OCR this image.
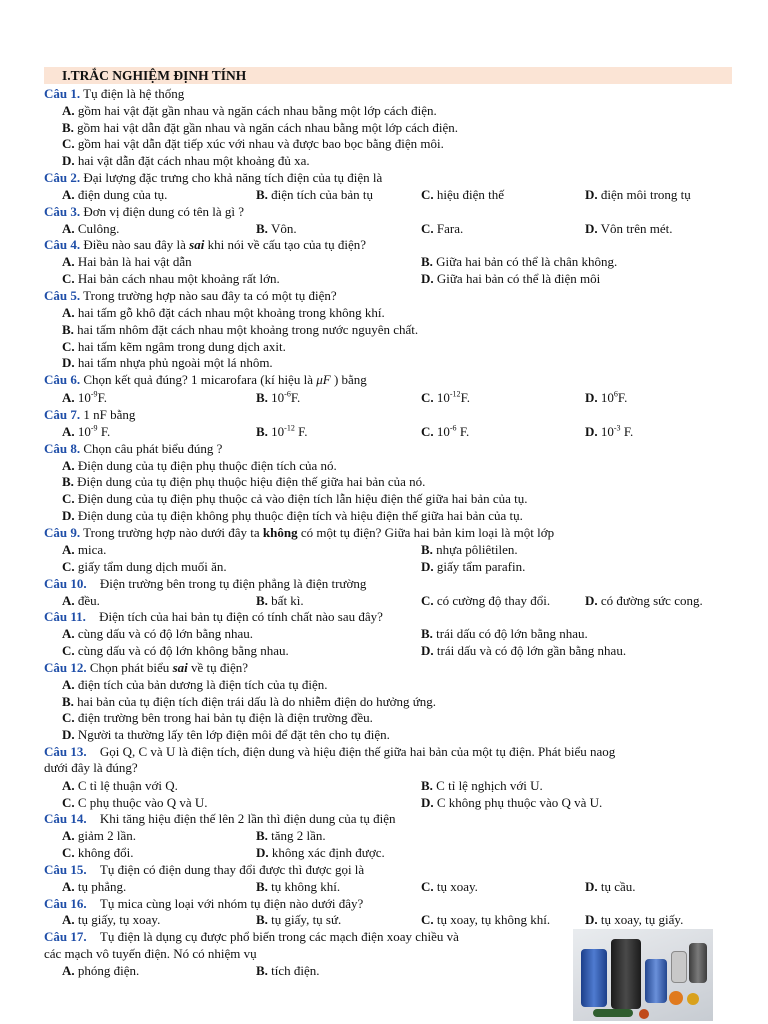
I.TRẮC NGHIỆM ĐỊNH TÍNH
Câu 1. Tụ điện là hệ thống
A. gồm hai vật đặt gần nhau và ngăn cách nhau bằng một lớp cách điện.
B. gồm hai vật dẫn đặt gần nhau và ngăn cách nhau bằng một lớp cách điện.
C. gồm hai vật dẫn đặt tiếp xúc với nhau và được bao bọc bằng điện môi.
D. hai vật dẫn đặt cách nhau một khoảng đủ xa.
Câu 2. Đại lượng đặc trưng cho khả năng tích điện của tụ điện là
A. điện dung của tụ.	B. điện tích của bản tụ	C. hiệu điện thế	D. điện môi trong tụ
Câu 3. Đơn vị điện dung có tên là gì ?
A. Culông.	B. Vôn.	C. Fara.	D. Vôn trên mét.
Câu 4. Điều nào sau đây là sai khi nói về cấu tạo của tụ điện?
A. Hai bản là hai vật dẫn	B. Giữa hai bản có thể là chân không.
C. Hai bản cách nhau một khoảng rất lớn.	D. Giữa hai bản có thể là điện môi
Câu 5. Trong trường hợp nào sau đây ta có một tụ điện?
A. hai tấm gỗ khô đặt cách nhau một khoảng trong không khí.
B. hai tấm nhôm đặt cách nhau một khoảng trong nước nguyên chất.
C. hai tấm kẽm ngâm trong dung dịch axit.
D. hai tấm nhựa phủ ngoài một lá nhôm.
Câu 6. Chọn kết quả đúng? 1 micarofara (kí hiệu là μF ) bằng
A. $10^{-9}F$.	B. $10^{-6}F$.	C. $10^{-12}F$.	D. $10^6F$.
Câu 7. 1 nF bằng
A. $10^{-9}$ F.	B. $10^{-12}$ F.	C. $10^{-6}$ F.	D. $10^{-3}$ F.
Câu 8. Chọn câu phát biểu đúng ?
A. Điện dung của tụ điện phụ thuộc điện tích của nó.
B. Điện dung của tụ điện phụ thuộc hiệu điện thế giữa hai bản của nó.
C. Điện dung của tụ điện phụ thuộc cả vào điện tích lẫn hiệu điện thế giữa hai bản của tụ.
D. Điện dung của tụ điện không phụ thuộc điện tích và hiệu điện thế giữa hai bản của tụ.
Câu 9. Trong trường hợp nào dưới đây ta không có một tụ điện? Giữa hai bản kim loại là một lớp
A. mica.	B. nhựa pôliêtilen.
C. giấy tẩm dung dịch muối ăn.	D. giấy tẩm parafin.
Câu 10. Điện trường bên trong tụ điện phẳng là điện trường
A. đều.	B. bất kì.	C. có cường độ thay đổi.	D. có đường sức cong.
Câu 11. Điện tích của hai bản tụ điện có tính chất nào sau đây?
A. cùng dấu và có độ lớn bằng nhau.	B. trái dấu có độ lớn bằng nhau.
C. cùng dấu và có độ lớn không bằng nhau.	D. trái dấu và có độ lớn gần bằng nhau.
Câu 12. Chọn phát biểu sai về tụ điện?
A. điện tích của bản dương là điện tích của tụ điện.
B. hai bản của tụ điện tích điện trái dấu là do nhiễm điện do hưởng ứng.
C. điện trường bên trong hai bản tụ điện là điện trường đều.
D. Người ta thường lấy tên lớp điện môi để đặt tên cho tụ điện.
Câu 13. Gọi Q, C và U là điện tích, điện dung và hiệu điện thế giữa hai bản của một tụ điện. Phát biểu naog
dưới đây là đúng?
A. C tỉ lệ thuận với Q.	B. C tỉ lệ nghịch với U.
C. C phụ thuộc vào Q và U.	D. C không phụ thuộc vào Q và U.
Câu 14. Khi tăng hiệu điện thế lên 2 lần thì điện dung của tụ điện
A. giảm 2 lần.	B. tăng 2 lần.
C. không đổi.	D. không xác định được.
Câu 15. Tụ điện có điện dung thay đổi được thì được gọi là
A. tụ phẳng.	B. tụ không khí.	C. tụ xoay.	D. tụ cầu.
Câu 16. Tụ mica cùng loại với nhóm tụ điện nào dưới đây?
A. tụ giấy, tụ xoay.	B. tụ giấy, tụ sứ.	C. tụ xoay, tụ không khí.	D. tụ xoay, tụ giấy.
Câu 17. Tụ điện là dụng cụ được phổ biến trong các mạch điện xoay chiều và
các mạch vô tuyến điện. Nó có nhiệm vụ
A. phóng điện.	B. tích điện.
